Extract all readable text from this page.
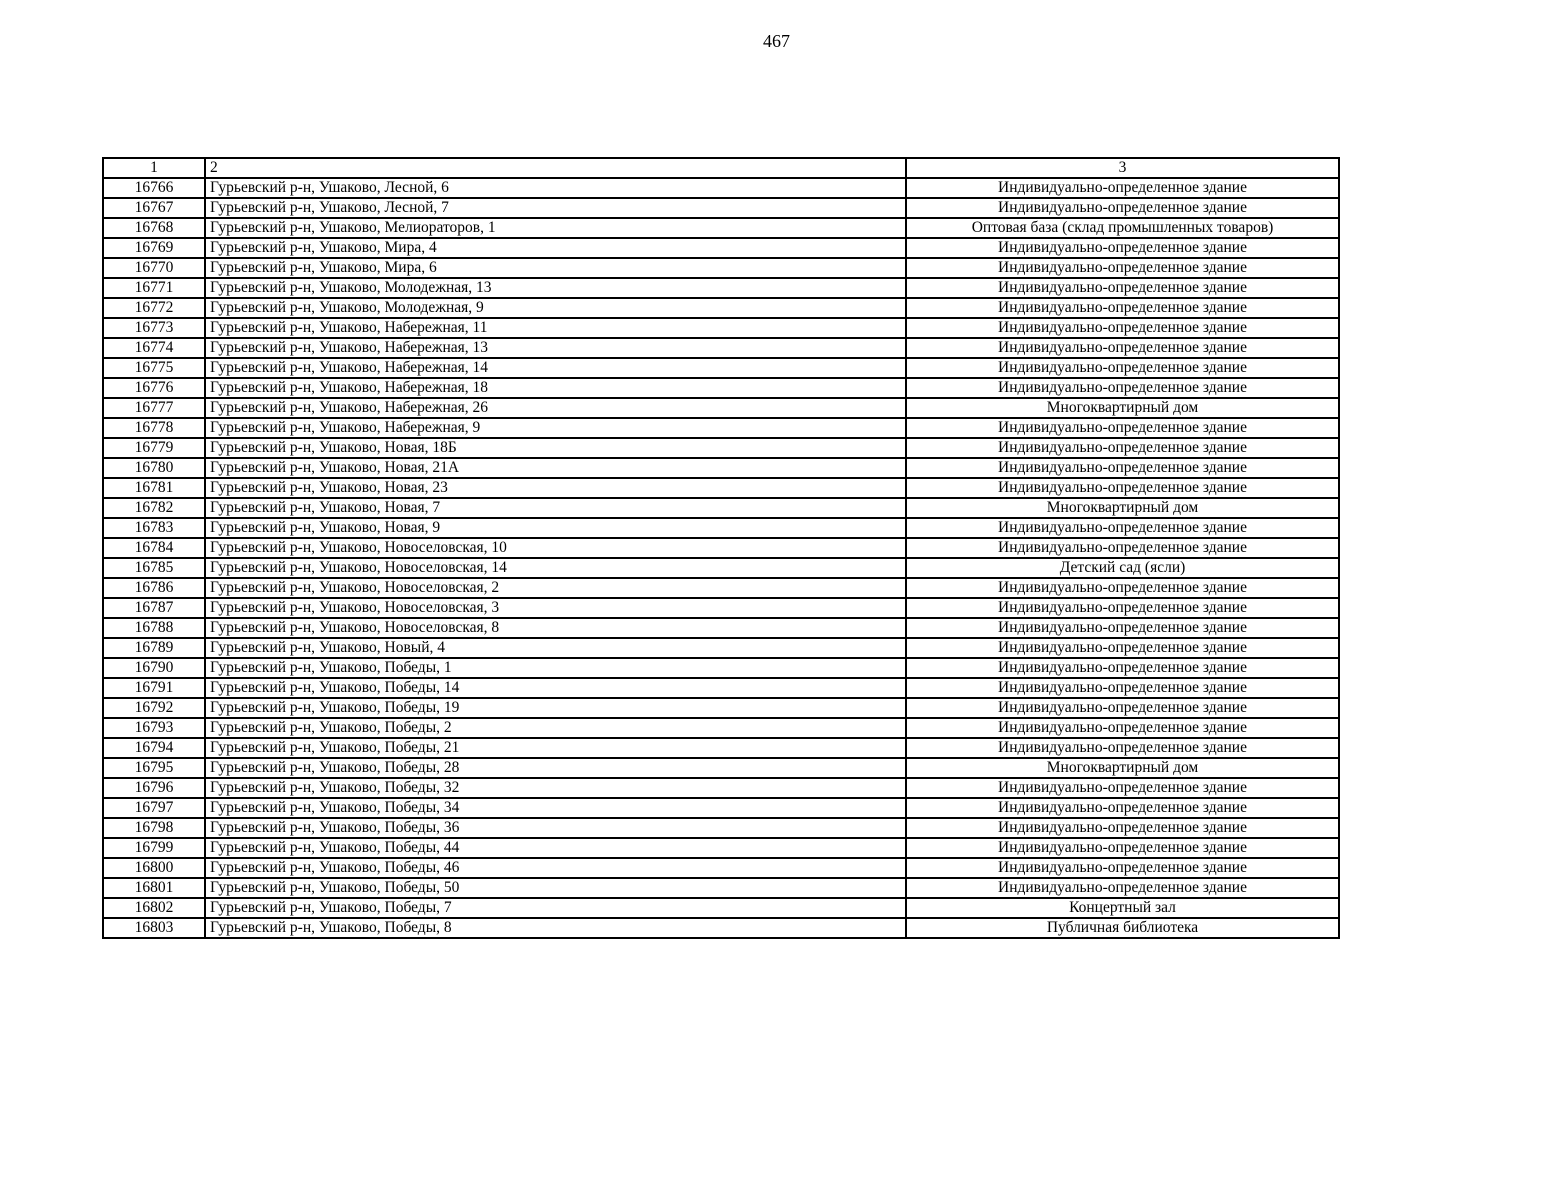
467
1	2	3
16766	Гурьевский р-н, Ушаково, Лесной, 6	Индивидуально-определенное здание
16767	Гурьевский р-н, Ушаково, Лесной, 7	Индивидуально-определенное здание
16768	Гурьевский р-н, Ушаково, Мелиораторов, 1	Оптовая база (склад промышленных товаров)
16769	Гурьевский р-н, Ушаково, Мира, 4	Индивидуально-определенное здание
16770	Гурьевский р-н, Ушаково, Мира, 6	Индивидуально-определенное здание
16771	Гурьевский р-н, Ушаково, Молодежная, 13	Индивидуально-определенное здание
16772	Гурьевский р-н, Ушаково, Молодежная, 9	Индивидуально-определенное здание
16773	Гурьевский р-н, Ушаково, Набережная, 11	Индивидуально-определенное здание
16774	Гурьевский р-н, Ушаково, Набережная, 13	Индивидуально-определенное здание
16775	Гурьевский р-н, Ушаково, Набережная, 14	Индивидуально-определенное здание
16776	Гурьевский р-н, Ушаково, Набережная, 18	Индивидуально-определенное здание
16777	Гурьевский р-н, Ушаково, Набережная, 26	Многоквартирный дом
16778	Гурьевский р-н, Ушаково, Набережная, 9	Индивидуально-определенное здание
16779	Гурьевский р-н, Ушаково, Новая, 18Б	Индивидуально-определенное здание
16780	Гурьевский р-н, Ушаково, Новая, 21А	Индивидуально-определенное здание
16781	Гурьевский р-н, Ушаково, Новая, 23	Индивидуально-определенное здание
16782	Гурьевский р-н, Ушаково, Новая, 7	Многоквартирный дом
16783	Гурьевский р-н, Ушаково, Новая, 9	Индивидуально-определенное здание
16784	Гурьевский р-н, Ушаково, Новоселовская, 10	Индивидуально-определенное здание
16785	Гурьевский р-н, Ушаково, Новоселовская, 14	Детский сад (ясли)
16786	Гурьевский р-н, Ушаково, Новоселовская, 2	Индивидуально-определенное здание
16787	Гурьевский р-н, Ушаково, Новоселовская, 3	Индивидуально-определенное здание
16788	Гурьевский р-н, Ушаково, Новоселовская, 8	Индивидуально-определенное здание
16789	Гурьевский р-н, Ушаково, Новый, 4	Индивидуально-определенное здание
16790	Гурьевский р-н, Ушаково, Победы, 1	Индивидуально-определенное здание
16791	Гурьевский р-н, Ушаково, Победы, 14	Индивидуально-определенное здание
16792	Гурьевский р-н, Ушаково, Победы, 19	Индивидуально-определенное здание
16793	Гурьевский р-н, Ушаково, Победы, 2	Индивидуально-определенное здание
16794	Гурьевский р-н, Ушаково, Победы, 21	Индивидуально-определенное здание
16795	Гурьевский р-н, Ушаково, Победы, 28	Многоквартирный дом
16796	Гурьевский р-н, Ушаково, Победы, 32	Индивидуально-определенное здание
16797	Гурьевский р-н, Ушаково, Победы, 34	Индивидуально-определенное здание
16798	Гурьевский р-н, Ушаково, Победы, 36	Индивидуально-определенное здание
16799	Гурьевский р-н, Ушаково, Победы, 44	Индивидуально-определенное здание
16800	Гурьевский р-н, Ушаково, Победы, 46	Индивидуально-определенное здание
16801	Гурьевский р-н, Ушаково, Победы, 50	Индивидуально-определенное здание
16802	Гурьевский р-н, Ушаково, Победы, 7	Концертный зал
16803	Гурьевский р-н, Ушаково, Победы, 8	Публичная библиотека
